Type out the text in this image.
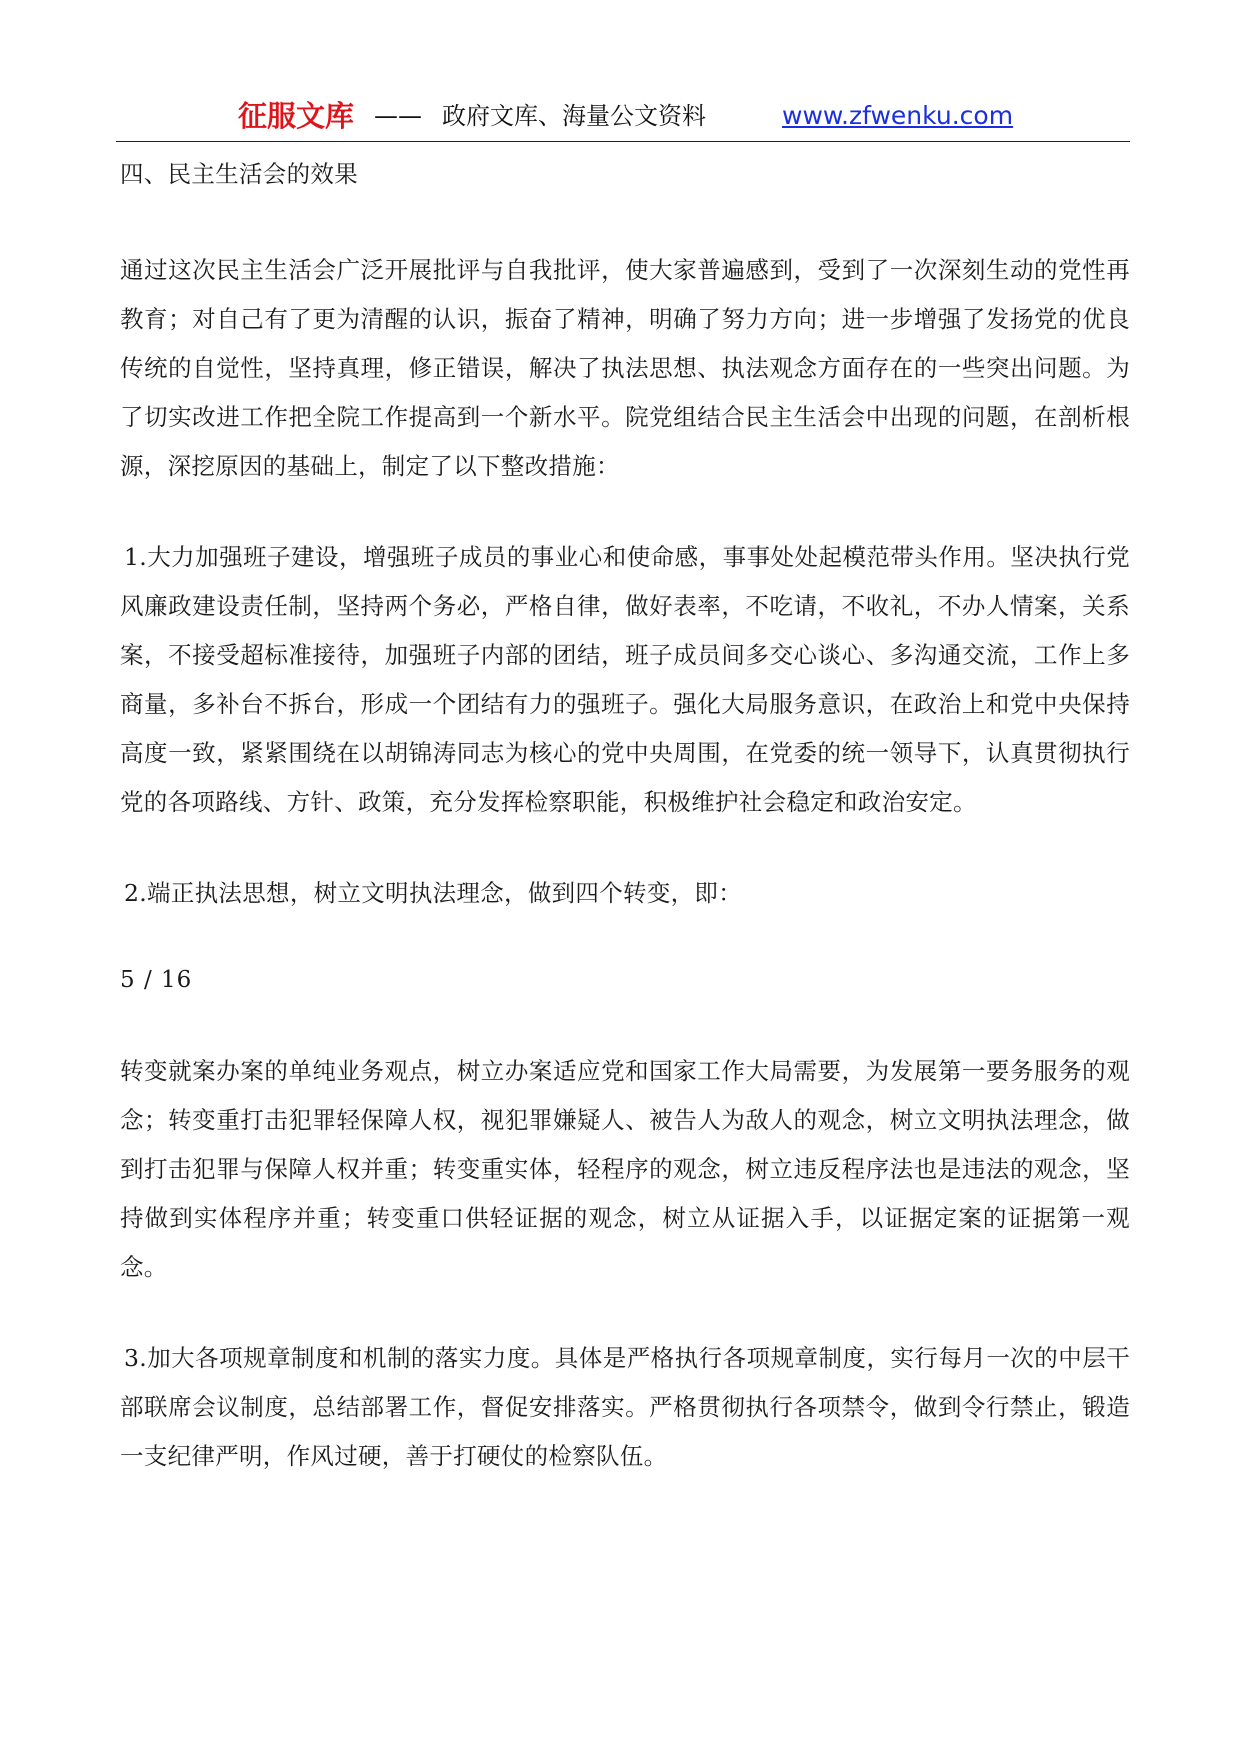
征服文库 —— 政府文库、海量公文资料	www.zfwenku.com

四、民主生活会的效果

通过这次民主生活会广泛开展批评与自我批评，使大家普遍感到，受到了一次深刻生动的党性再教育；对自己有了更为清醒的认识，振奋了精神，明确了努力方向；进一步增强了发扬党的优良传统的自觉性，坚持真理，修正错误，解决了执法思想、执法观念方面存在的一些突出问题。为了切实改进工作把全院工作提高到一个新水平。院党组结合民主生活会中出现的问题，在剖析根源，深挖原因的基础上，制定了以下整改措施：

1.大力加强班子建设，增强班子成员的事业心和使命感，事事处处起模范带头作用。坚决执行党风廉政建设责任制，坚持两个务必，严格自律，做好表率，不吃请，不收礼，不办人情案，关系案，不接受超标准接待，加强班子内部的团结，班子成员间多交心谈心、多沟通交流，工作上多商量，多补台不拆台，形成一个团结有力的强班子。强化大局服务意识，在政治上和党中央保持高度一致，紧紧围绕在以胡锦涛同志为核心的党中央周围，在党委的统一领导下，认真贯彻执行党的各项路线、方针、政策，充分发挥检察职能，积极维护社会稳定和政治安定。

2.端正执法思想，树立文明执法理念，做到四个转变，即：

5 / 16

转变就案办案的单纯业务观点，树立办案适应党和国家工作大局需要，为发展第一要务服务的观念；转变重打击犯罪轻保障人权，视犯罪嫌疑人、被告人为敌人的观念，树立文明执法理念，做到打击犯罪与保障人权并重；转变重实体，轻程序的观念，树立违反程序法也是违法的观念，坚持做到实体程序并重；转变重口供轻证据的观念，树立从证据入手，以证据定案的证据第一观念。

3.加大各项规章制度和机制的落实力度。具体是严格执行各项规章制度，实行每月一次的中层干部联席会议制度，总结部署工作，督促安排落实。严格贯彻执行各项禁令，做到令行禁止，锻造一支纪律严明，作风过硬，善于打硬仗的检察队伍。
